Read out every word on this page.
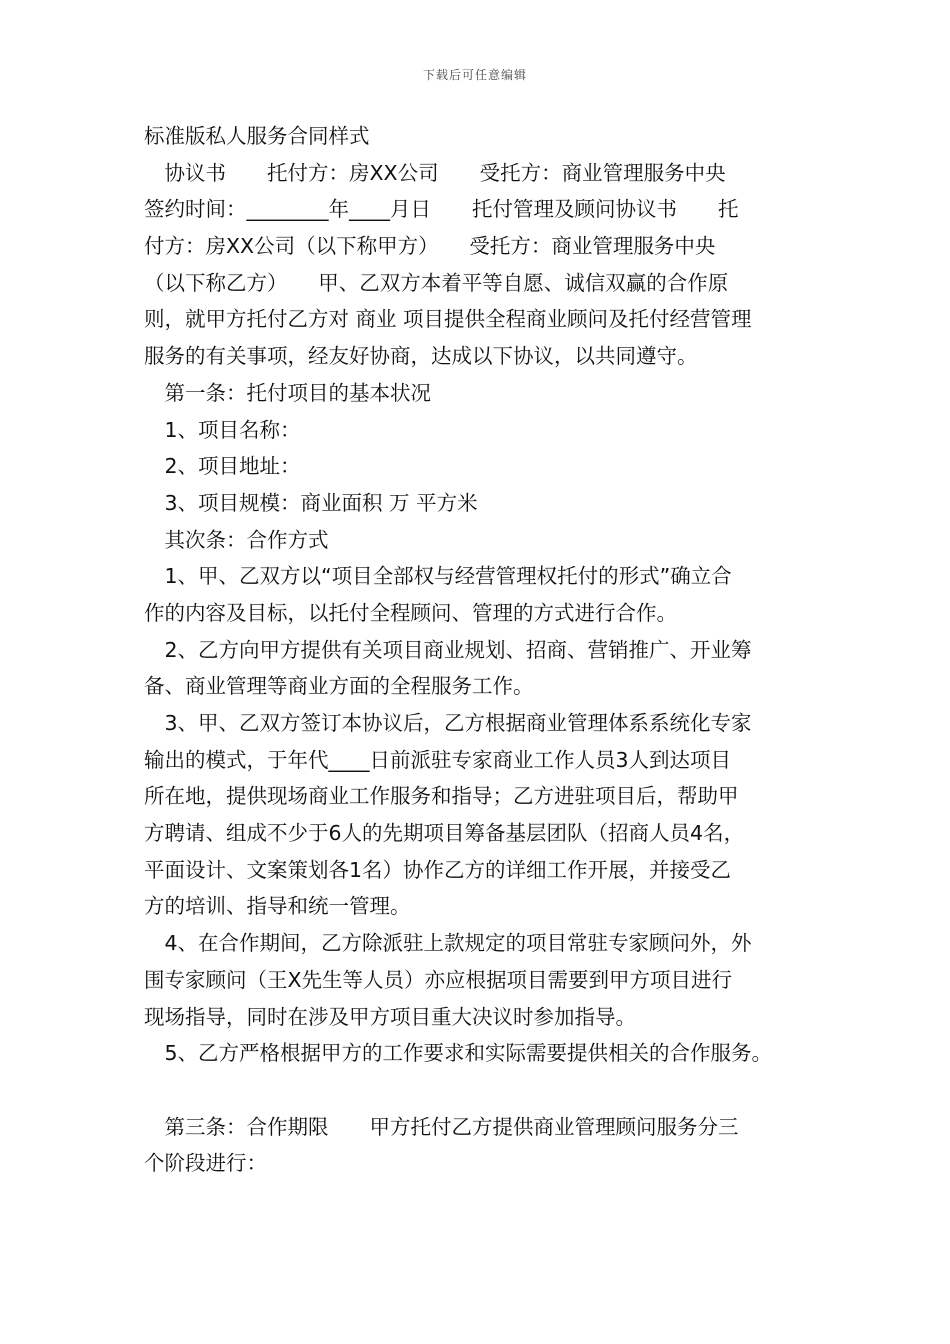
下载后可任意编辑
标准版私人服务合同样式
　协议书　　托付方：房XX公司　　受托方：商业管理服务中央
签约时间：________年____月日　　托付管理及顾问协议书　　托
付方：房XX公司（以下称甲方）　　受托方：商业管理服务中央
（以下称乙方）　　甲、乙双方本着平等自愿、诚信双赢的合作原
则，就甲方托付乙方对 商业 项目提供全程商业顾问及托付经营管理
服务的有关事项，经友好协商，达成以下协议，以共同遵守。
　第一条：托付项目的基本状况
　1、项目名称：
　2、项目地址：
　3、项目规模：商业面积 万 平方米
　其次条：合作方式
　1、甲、乙双方以“项目全部权与经营管理权托付的形式”确立合
作的内容及目标，以托付全程顾问、管理的方式进行合作。
　2、乙方向甲方提供有关项目商业规划、招商、营销推广、开业筹
备、商业管理等商业方面的全程服务工作。
　3、甲、乙双方签订本协议后，乙方根据商业管理体系系统化专家
输出的模式，于年代____日前派驻专家商业工作人员3人到达项目
所在地，提供现场商业工作服务和指导；乙方进驻项目后，帮助甲
方聘请、组成不少于6人的先期项目筹备基层团队（招商人员4名，
平面设计、文案策划各1名）协作乙方的详细工作开展，并接受乙
方的培训、指导和统一管理。
　4、在合作期间，乙方除派驻上款规定的项目常驻专家顾问外，外
围专家顾问（王X先生等人员）亦应根据项目需要到甲方项目进行
现场指导，同时在涉及甲方项目重大决议时参加指导。
　5、乙方严格根据甲方的工作要求和实际需要提供相关的合作服务。
　第三条：合作期限　　甲方托付乙方提供商业管理顾问服务分三
个阶段进行：
